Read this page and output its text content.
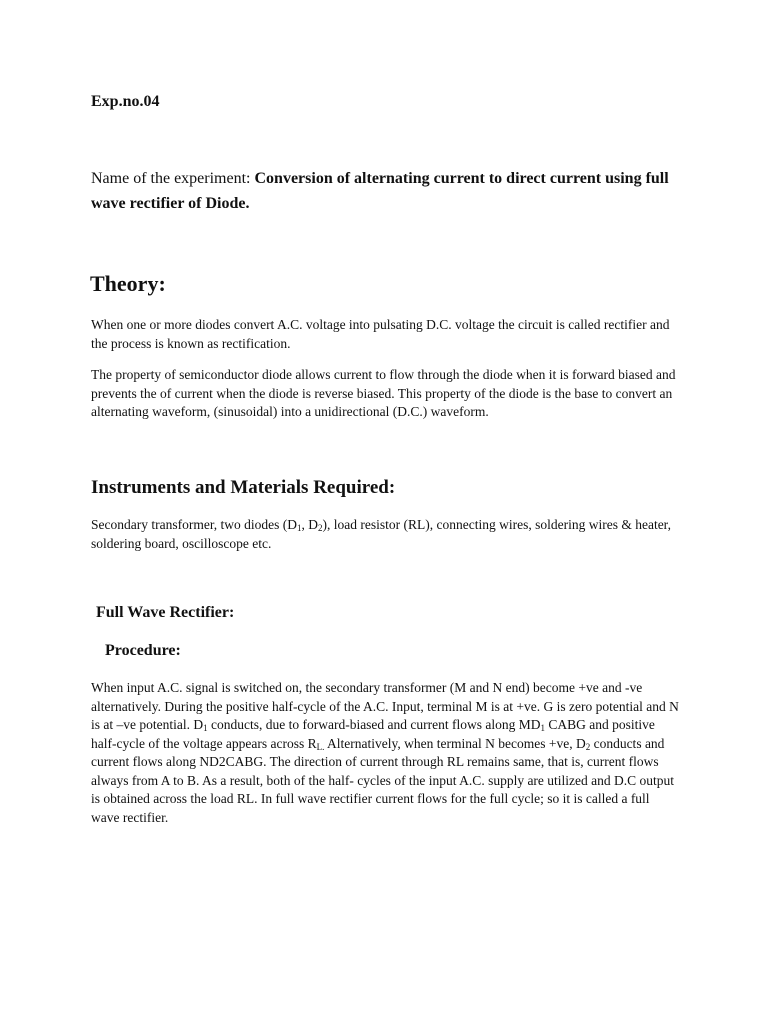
Exp.no.04

Name of the experiment: Conversion of alternating current to direct current using full wave rectifier of Diode.

Theory:

When one or more diodes convert A.C. voltage into pulsating D.C. voltage the circuit is called rectifier and the process is known as rectification.

The property of semiconductor diode allows current to flow through the diode when it is forward biased and prevents the of current when the diode is reverse biased. This property of the diode is the base to convert an alternating waveform, (sinusoidal) into a unidirectional (D.C.) waveform.

Instruments and Materials Required:

Secondary transformer, two diodes ($D_1$, $D_2$), load resistor (RL), connecting wires, soldering wires & heater, soldering board, oscilloscope etc.

Full Wave Rectifier:
Procedure:

When input A.C. signal is switched on, the secondary transformer (M and N end) become +ve and -ve alternatively. During the positive half-cycle of the A.C. Input, terminal M is at +ve. G is zero potential and N is at –ve potential. $D_1$ conducts, due to forward-biased and current flows along $MD_1$ CABG and positive half-cycle of the voltage appears across $R_{L.}$ Alternatively, when terminal N becomes +ve, $D_2$ conducts and current flows along ND2CABG. The direction of current through RL remains same, that is, current flows always from A to B. As a result, both of the half- cycles of the input A.C. supply are utilized and D.C output is obtained across the load RL. In full wave rectifier current flows for the full cycle; so it is called a full wave rectifier.
